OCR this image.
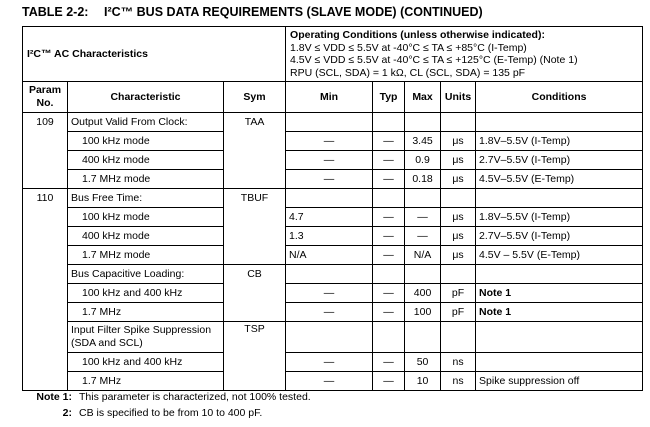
TABLE 2-2: I²C™ BUS DATA REQUIREMENTS (SLAVE MODE) (CONTINUED)
I²C™ AC Characteristics			Operating Conditions (unless otherwise indicated):
1.8V ≤ VDD ≤ 5.5V at -40°C ≤ TA ≤ +85°C (I-Temp)
4.5V ≤ VDD ≤ 5.5V at -40°C ≤ TA ≤ +125°C (E-Temp) (Note 1)
RPU (SCL, SDA) = 1 kΩ, CL (SCL, SDA) = 135 pF				

Param No.	Characteristic	Sym	Min	Typ	Max	Units	Conditions
109	Output Valid From Clock:	TAA					
	100 kHz mode		—	—	3.45	μs	1.8V–5.5V (I-Temp)
	400 kHz mode		—	—	0.9	μs	2.7V–5.5V (I-Temp)
	1.7 MHz mode		—	—	0.18	μs	4.5V–5.5V (E-Temp)
110	Bus Free Time:	TBUF					
	100 kHz mode		4.7	—	—	μs	1.8V–5.5V (I-Temp)
	400 kHz mode		1.3	—	—	μs	2.7V–5.5V (I-Temp)
	1.7 MHz mode		N/A	—	N/A	μs	4.5V – 5.5V (E-Temp)
	Bus Capacitive Loading:	CB					
	100 kHz and 400 kHz		—	—	400	pF	Note 1
	1.7 MHz		—	—	100	pF	Note 1

	Input Filter Spike Suppression
(SDA and SCL)	TSP					
	100 kHz and 400 kHz		—	—	50	ns	
	1.7 MHz		—	—	10	ns	Spike suppression off
Note 1: This parameter is characterized, not 100% tested.
2: CB is specified to be from 10 to 400 pF.
